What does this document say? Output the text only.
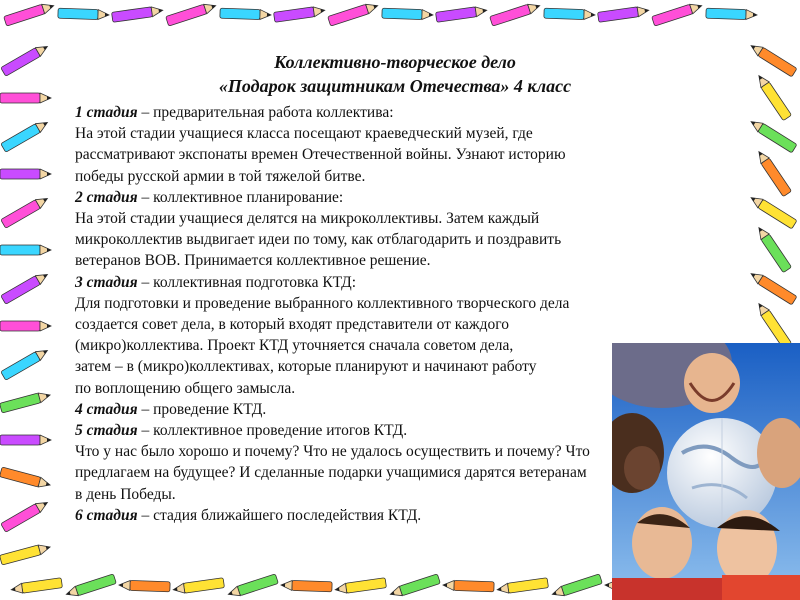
Коллективно-творческое дело
«Подарок защитникам Отечества» 4 класс

1 стадия – предварительная работа коллектива:

На этой стадии учащиеся класса посещают краеведческий музей, где

рассматривают экспонаты времен Отечественной войны. Узнают историю

победы русской армии в той тяжелой битве.

2 стадия – коллективное планирование:

На этой стадии учащиеся делятся на микроколлективы. Затем каждый

микроколлектив выдвигает идеи по тому, как отблагодарить и поздравить

ветеранов ВОВ. Принимается коллективное решение.

3 стадия – коллективная подготовка КТД:

Для подготовки и проведение выбранного коллективного творческого дела

создается совет дела, в который входят представители от каждого

(микро)коллектива. Проект КТД уточняется сначала советом дела,

затем – в (микро)коллективах, которые планируют и начинают работу

по воплощению общего замысла.

4 стадия – проведение КТД.

5 стадия – коллективное проведение итогов КТД.

Что у нас было хорошо и почему? Что не удалось осуществить и почему? Что

предлагаем на будущее? И сделанные подарки учащимися дарятся ветеранам

в день Победы.

6 стадия – стадия ближайшего последействия КТД.
